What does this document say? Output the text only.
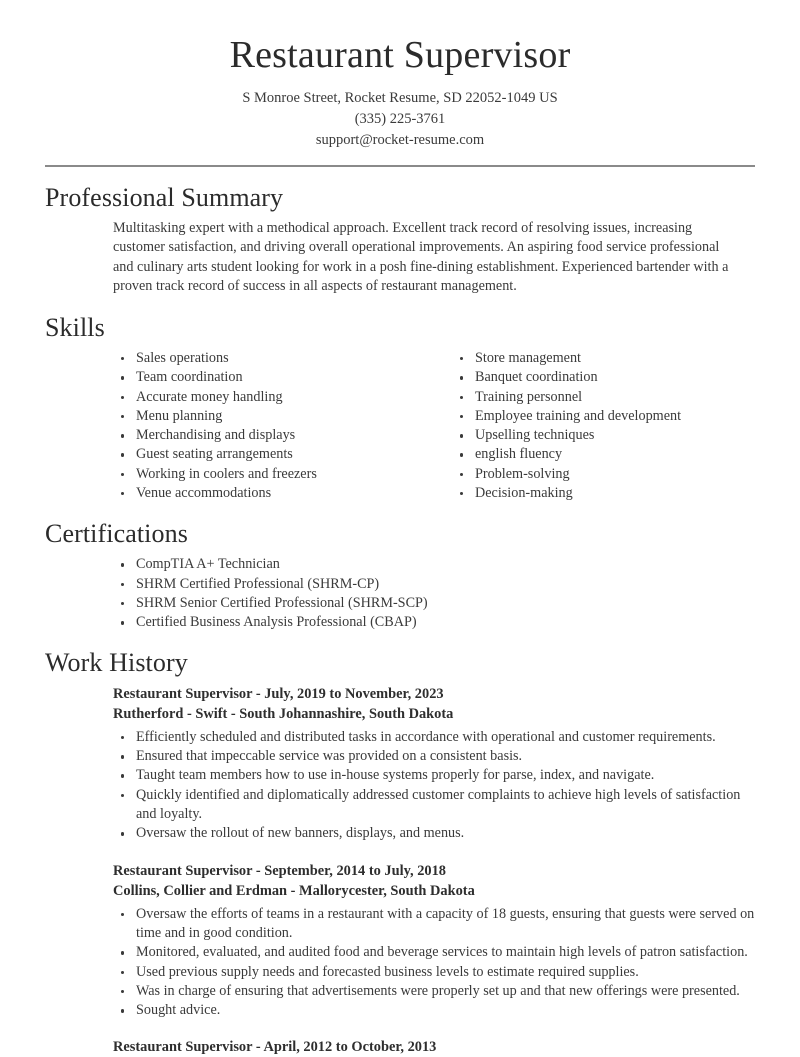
Restaurant Supervisor
S Monroe Street, Rocket Resume, SD 22052-1049 US
(335) 225-3761
support@rocket-resume.com
Professional Summary

Multitasking expert with a methodical approach. Excellent track record of resolving issues, increasing customer satisfaction, and driving overall operational improvements. An aspiring food service professional and culinary arts student looking for work in a posh fine-dining establishment. Experienced bartender with a proven track record of success in all aspects of restaurant management.

Skills
Sales operations
Team coordination
Accurate money handling
Menu planning
Merchandising and displays
Guest seating arrangements
Working in coolers and freezers
Venue accommodations
Store management
Banquet coordination
Training personnel
Employee training and development
Upselling techniques
english fluency
Problem-solving
Decision-making
Certifications
CompTIA A+ Technician
SHRM Certified Professional (SHRM-CP)
SHRM Senior Certified Professional (SHRM-SCP)
Certified Business Analysis Professional (CBAP)
Work History
Restaurant Supervisor - July, 2019 to November, 2023
Rutherford - Swift - South Johannashire, South Dakota
Efficiently scheduled and distributed tasks in accordance with operational and customer requirements.
Ensured that impeccable service was provided on a consistent basis.
Taught team members how to use in-house systems properly for parse, index, and navigate.
Quickly identified and diplomatically addressed customer complaints to achieve high levels of satisfaction and loyalty.
Oversaw the rollout of new banners, displays, and menus.
Restaurant Supervisor - September, 2014 to July, 2018
Collins, Collier and Erdman - Mallorycester, South Dakota
Oversaw the efforts of teams in a restaurant with a capacity of 18 guests, ensuring that guests were served on time and in good condition.
Monitored, evaluated, and audited food and beverage services to maintain high levels of patron satisfaction.
Used previous supply needs and forecasted business levels to estimate required supplies.
Was in charge of ensuring that advertisements were properly set up and that new offerings were presented.
Sought advice.
Restaurant Supervisor - April, 2012 to October, 2013
